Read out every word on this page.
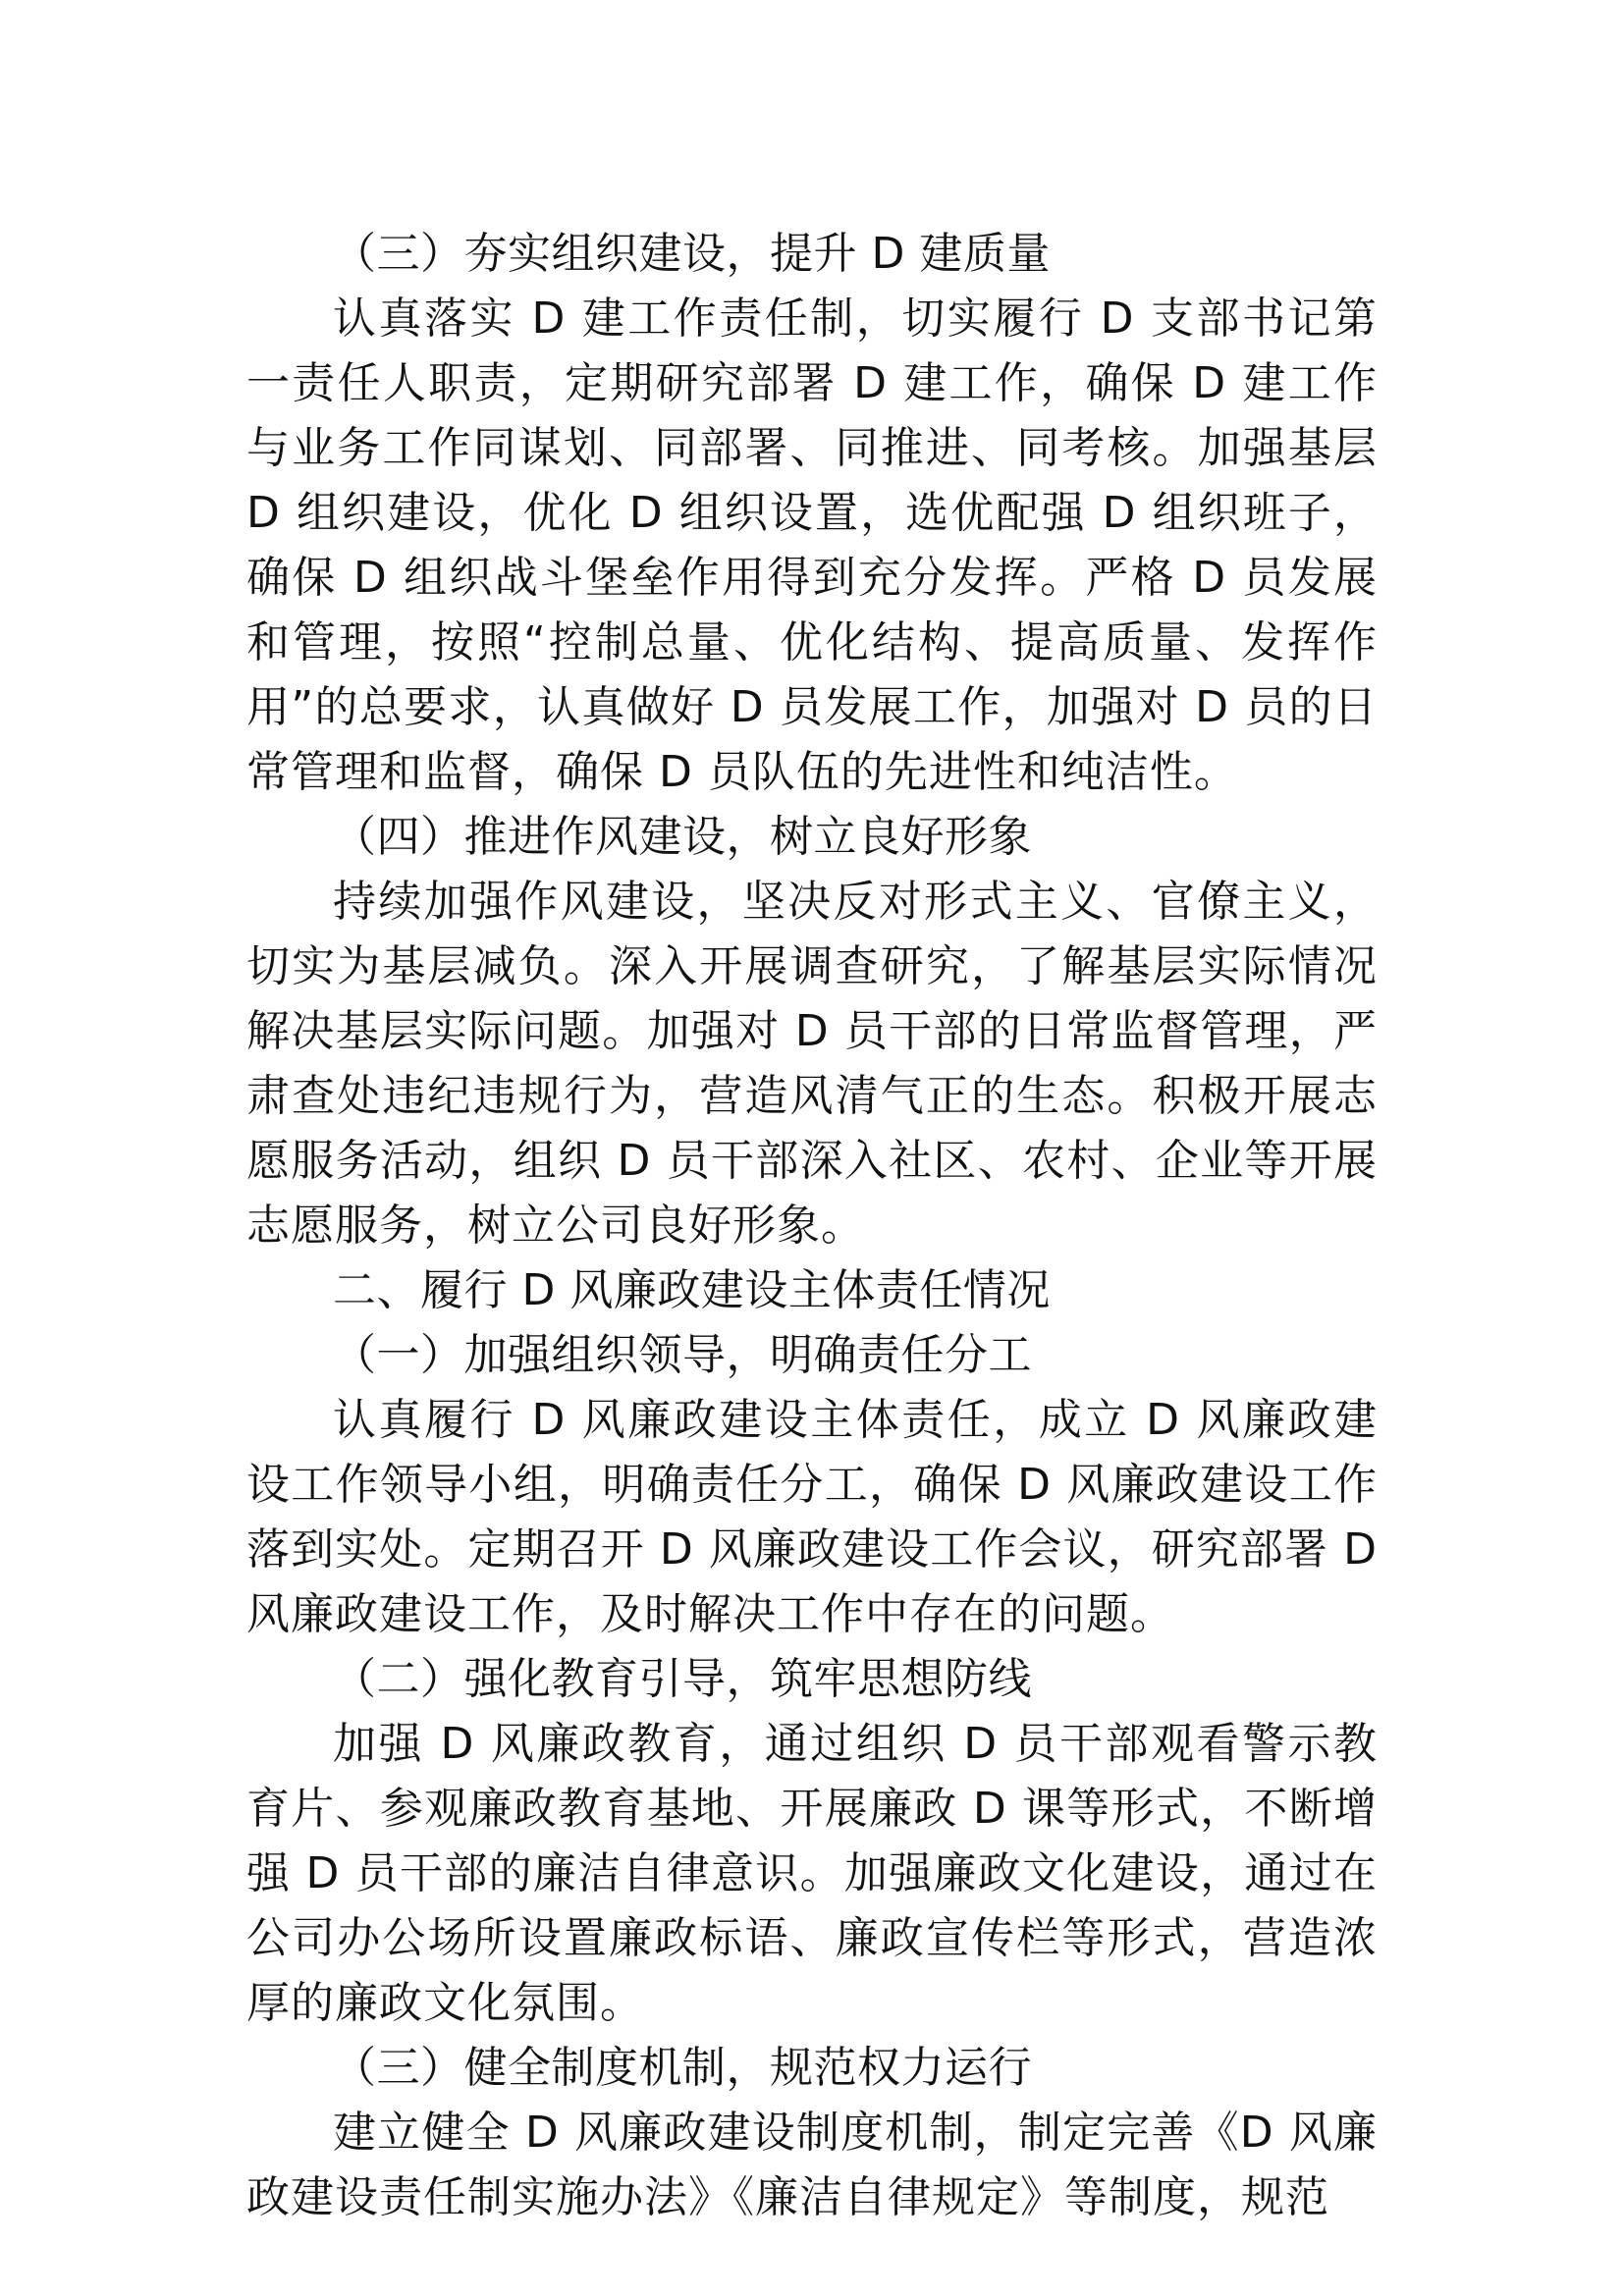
（三）夯实组织建设，提升 D 建质量

认真落实 D 建工作责任制，切实履行 D 支部书记第一责任人职责，定期研究部署 D 建工作，确保 D 建工作与业务工作同谋划、同部署、同推进、同考核。加强基层 D 组织建设，优化 D 组织设置，选优配强 D 组织班子，确保 D 组织战斗堡垒作用得到充分发挥。严格 D 员发展和管理，按照“控制总量、优化结构、提高质量、发挥作用”的总要求，认真做好 D 员发展工作，加强对 D 员的日常管理和监督，确保 D 员队伍的先进性和纯洁性。

（四）推进作风建设，树立良好形象

持续加强作风建设，坚决反对形式主义、官僚主义，切实为基层减负。深入开展调查研究，了解基层实际情况解决基层实际问题。加强对 D 员干部的日常监督管理，严肃查处违纪违规行为，营造风清气正的生态。积极开展志愿服务活动，组织 D 员干部深入社区、农村、企业等开展志愿服务，树立公司良好形象。

二、履行 D 风廉政建设主体责任情况

（一）加强组织领导，明确责任分工

认真履行 D 风廉政建设主体责任，成立 D 风廉政建设工作领导小组，明确责任分工，确保 D 风廉政建设工作落到实处。定期召开 D 风廉政建设工作会议，研究部署 D 风廉政建设工作，及时解决工作中存在的问题。

（二）强化教育引导，筑牢思想防线

加强 D 风廉政教育，通过组织 D 员干部观看警示教育片、参观廉政教育基地、开展廉政 D 课等形式，不断增强 D 员干部的廉洁自律意识。加强廉政文化建设，通过在公司办公场所设置廉政标语、廉政宣传栏等形式，营造浓厚的廉政文化氛围。

（三）健全制度机制，规范权力运行

建立健全 D 风廉政建设制度机制，制定完善《D 风廉政建设责任制实施办法》《廉洁自律规定》等制度，规范
